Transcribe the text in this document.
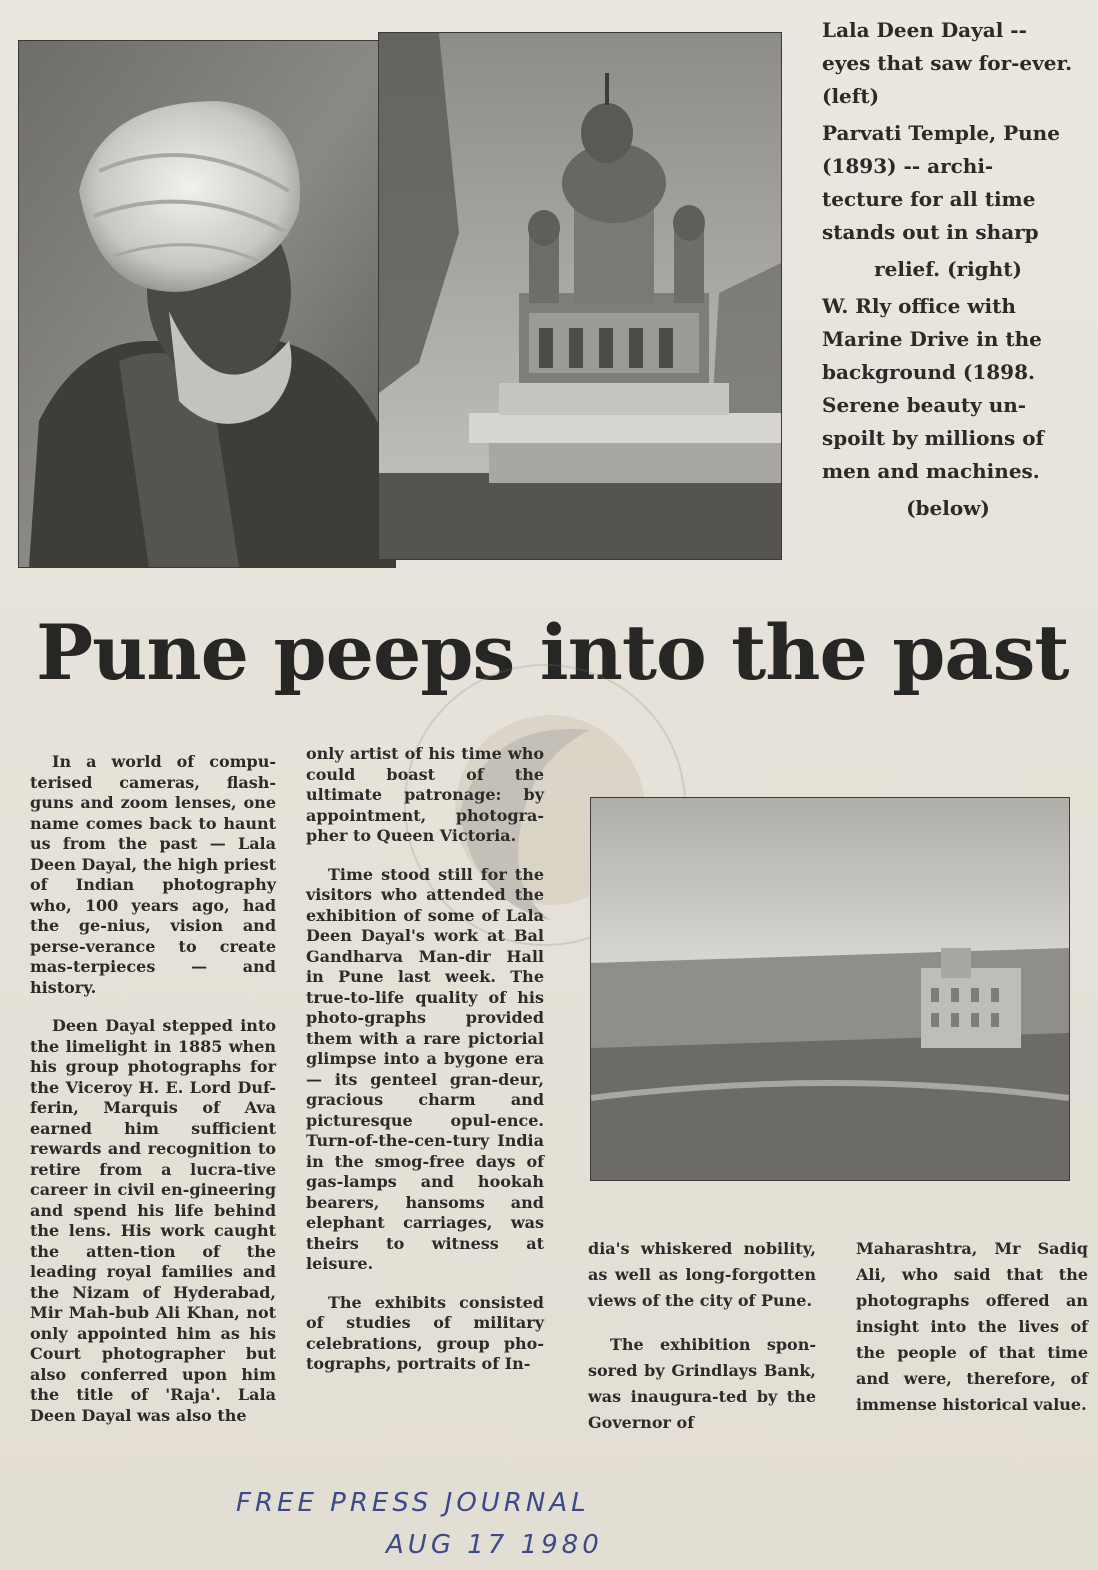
Lala Deen Dayal -- eyes that saw for-ever. (left)

Parvati Temple, Pune (1893) -- archi-tecture for all time stands out in sharp

relief. (right)

W. Rly office with Marine Drive in the background (1898. Serene beauty un-spoilt by millions of men and machines.

(below)

Pune peeps into the past

In a world of compu-terised cameras, flash-guns and zoom lenses, one name comes back to haunt us from the past — Lala Deen Dayal, the high priest of Indian photography who, 100 years ago, had the ge-nius, vision and perse-verance to create mas-terpieces — and history.

Deen Dayal stepped into the limelight in 1885 when his group photographs for the Viceroy H. E. Lord Duf-ferin, Marquis of Ava earned him sufficient rewards and recognition to retire from a lucra-tive career in civil en-gineering and spend his life behind the lens. His work caught the atten-tion of the leading royal families and the Nizam of Hyderabad, Mir Mah-bub Ali Khan, not only appointed him as his Court photographer but also conferred upon him the title of 'Raja'. Lala Deen Dayal was also the

only artist of his time who could boast of the ultimate patronage: by appointment, photogra-pher to Queen Victoria.

Time stood still for the visitors who attended the exhibition of some of Lala Deen Dayal's work at Bal Gandharva Man-dir Hall in Pune last week. The true-to-life quality of his photo-graphs provided them with a rare pictorial glimpse into a bygone era — its genteel gran-deur, gracious charm and picturesque opul-ence. Turn-of-the-cen-tury India in the smog-free days of gas-lamps and hookah bearers, hansoms and elephant carriages, was theirs to witness at leisure.

The exhibits consisted of studies of military celebrations, group pho-tographs, portraits of In-

dia's whiskered nobility, as well as long-forgotten views of the city of Pune.

The exhibition spon-sored by Grindlays Bank, was inaugura-ted by the Governor of

Maharashtra, Mr Sadiq Ali, who said that the photographs offered an insight into the lives of the people of that time and were, therefore, of immense historical value.

FREE PRESS JOURNAL
AUG 17 1980
